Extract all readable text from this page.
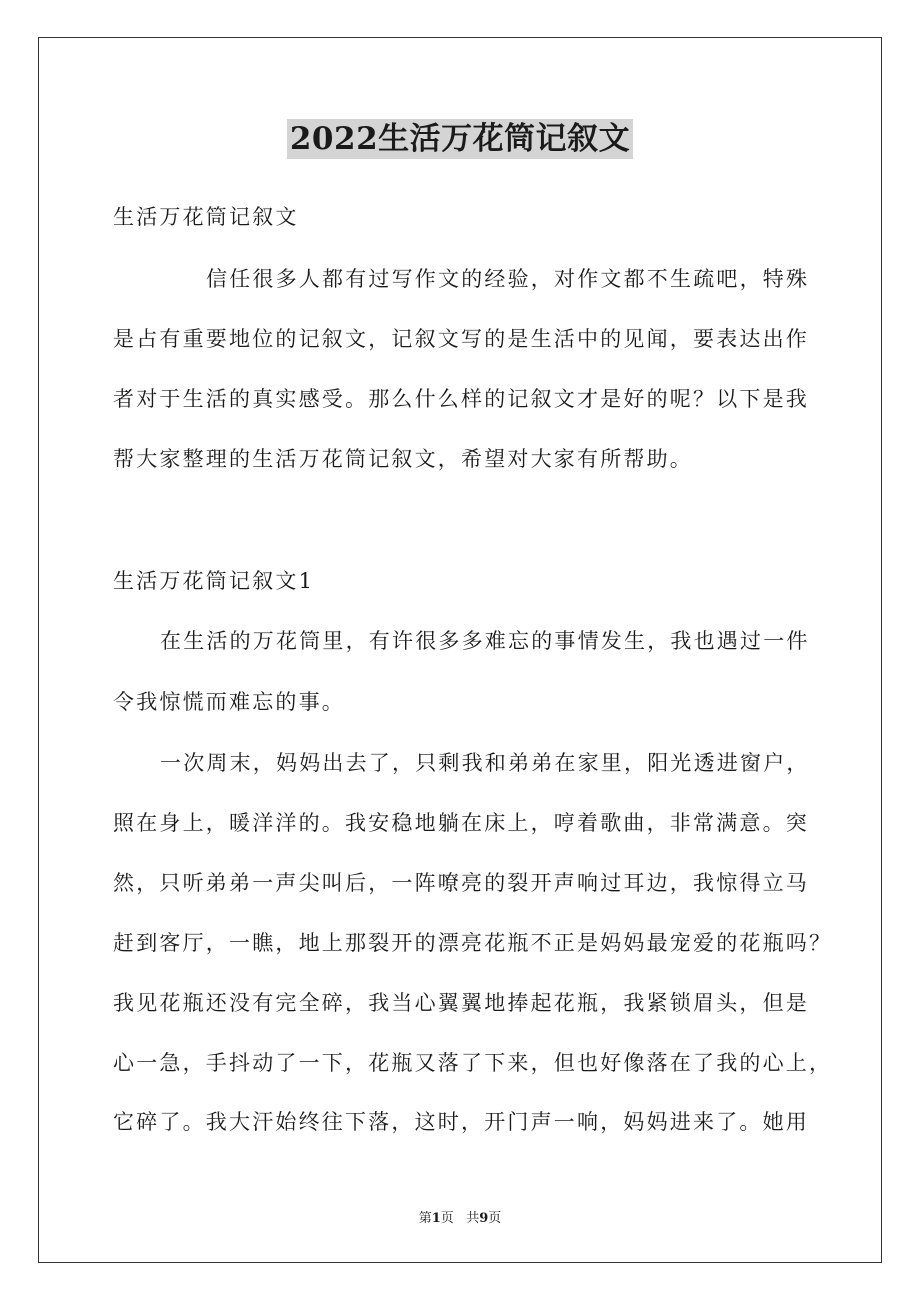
2022生活万花筒记叙文
生活万花筒记叙文
信任很多人都有过写作文的经验，对作文都不生疏吧，特殊
是占有重要地位的记叙文，记叙文写的是生活中的见闻，要表达出作
者对于生活的真实感受。那么什么样的记叙文才是好的呢？以下是我
帮大家整理的生活万花筒记叙文，希望对大家有所帮助。
生活万花筒记叙文1
在生活的万花筒里，有许很多多难忘的事情发生，我也遇过一件
令我惊慌而难忘的事。
一次周末，妈妈出去了，只剩我和弟弟在家里，阳光透进窗户，
照在身上，暖洋洋的。我安稳地躺在床上，哼着歌曲，非常满意。突
然，只听弟弟一声尖叫后，一阵嘹亮的裂开声响过耳边，我惊得立马
赶到客厅，一瞧，地上那裂开的漂亮花瓶不正是妈妈最宠爱的花瓶吗？
我见花瓶还没有完全碎，我当心翼翼地捧起花瓶，我紧锁眉头，但是
心一急，手抖动了一下，花瓶又落了下来，但也好像落在了我的心上，
它碎了。我大汗始终往下落，这时，开门声一响，妈妈进来了。她用
第1页 共9页
